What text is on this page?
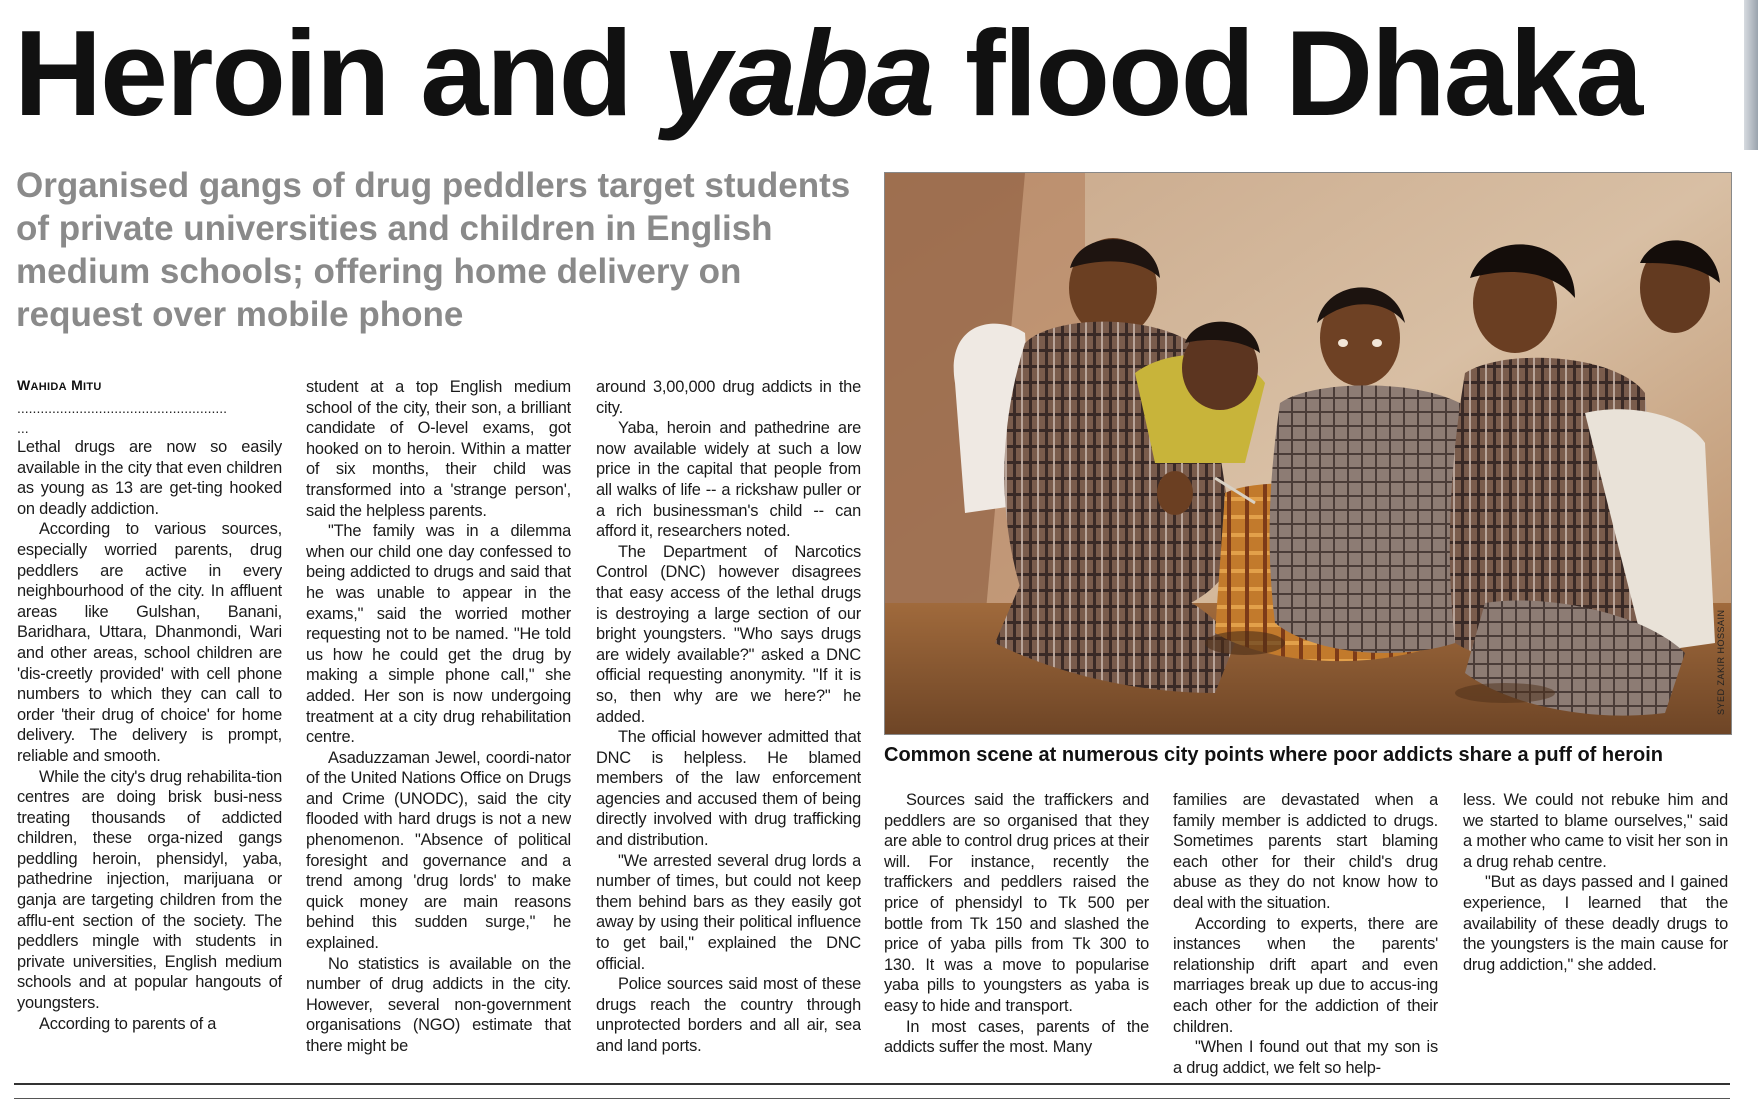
Heroin and yaba flood Dhaka

Organised gangs of drug peddlers target students of private universities and children in English medium schools; offering home delivery on request over mobile phone

WAHIDA MITU
......................................................
...

Lethal drugs are now so easily available in the city that even children as young as 13 are get-ting hooked on deadly addiction.

According to various sources, especially worried parents, drug peddlers are active in every neighbourhood of the city. In affluent areas like Gulshan, Banani, Baridhara, Uttara, Dhanmondi, Wari and other areas, school children are 'dis-creetly provided' with cell phone numbers to which they can call to order 'their drug of choice' for home delivery. The delivery is prompt, reliable and smooth.

While the city's drug rehabilita-tion centres are doing brisk busi-ness treating thousands of addicted children, these orga-nized gangs peddling heroin, phensidyl, yaba, pathedrine injection, marijuana or ganja are targeting children from the afflu-ent section of the society. The peddlers mingle with students in private universities, English medium schools and at popular hangouts of youngsters.

According to parents of a

student at a top English medium school of the city, their son, a brilliant candidate of O-level exams, got hooked on to heroin. Within a matter of six months, their child was transformed into a 'strange person', said the helpless parents.

"The family was in a dilemma when our child one day confessed to being addicted to drugs and said that he was unable to appear in the exams," said the worried mother requesting not to be named. "He told us how he could get the drug by making a simple phone call," she added. Her son is now undergoing treatment at a city drug rehabilitation centre.

Asaduzzaman Jewel, coordi-nator of the United Nations Office on Drugs and Crime (UNODC), said the city flooded with hard drugs is not a new phenomenon. "Absence of political foresight and governance and a trend among 'drug lords' to make quick money are main reasons behind this sudden surge," he explained.

No statistics is available on the number of drug addicts in the city. However, several non-government organisations (NGO) estimate that there might be

around 3,00,000 drug addicts in the city.

Yaba, heroin and pathedrine are now available widely at such a low price in the capital that people from all walks of life -- a rickshaw puller or a rich businessman's child -- can afford it, researchers noted.

The Department of Narcotics Control (DNC) however disagrees that easy access of the lethal drugs is destroying a large section of our bright youngsters. "Who says drugs are widely available?" asked a DNC official requesting anonymity. "If it is so, then why are we here?" he added.

The official however admitted that DNC is helpless. He blamed members of the law enforcement agencies and accused them of being directly involved with drug trafficking and distribution.

"We arrested several drug lords a number of times, but could not keep them behind bars as they easily got away by using their political influence to get bail," explained the DNC official.

Police sources said most of these drugs reach the country through unprotected borders and all air, sea and land ports.

SYED ZAKIR HOSSAIN
Common scene at numerous city points where poor addicts share a puff of heroin

Sources said the traffickers and peddlers are so organised that they are able to control drug prices at their will. For instance, recently the traffickers and peddlers raised the price of phensidyl to Tk 500 per bottle from Tk 150 and slashed the price of yaba pills from Tk 300 to 130. It was a move to popularise yaba pills to youngsters as yaba is easy to hide and transport.

In most cases, parents of the addicts suffer the most. Many

families are devastated when a family member is addicted to drugs. Sometimes parents start blaming each other for their child's drug abuse as they do not know how to deal with the situation.

According to experts, there are instances when the parents' relationship drift apart and even marriages break up due to accus-ing each other for the addiction of their children.

"When I found out that my son is a drug addict, we felt so help-

less. We could not rebuke him and we started to blame ourselves," said a mother who came to visit her son in a drug rehab centre.

"But as days passed and I gained experience, I learned that the availability of these deadly drugs to the youngsters is the main cause for drug addiction," she added.
